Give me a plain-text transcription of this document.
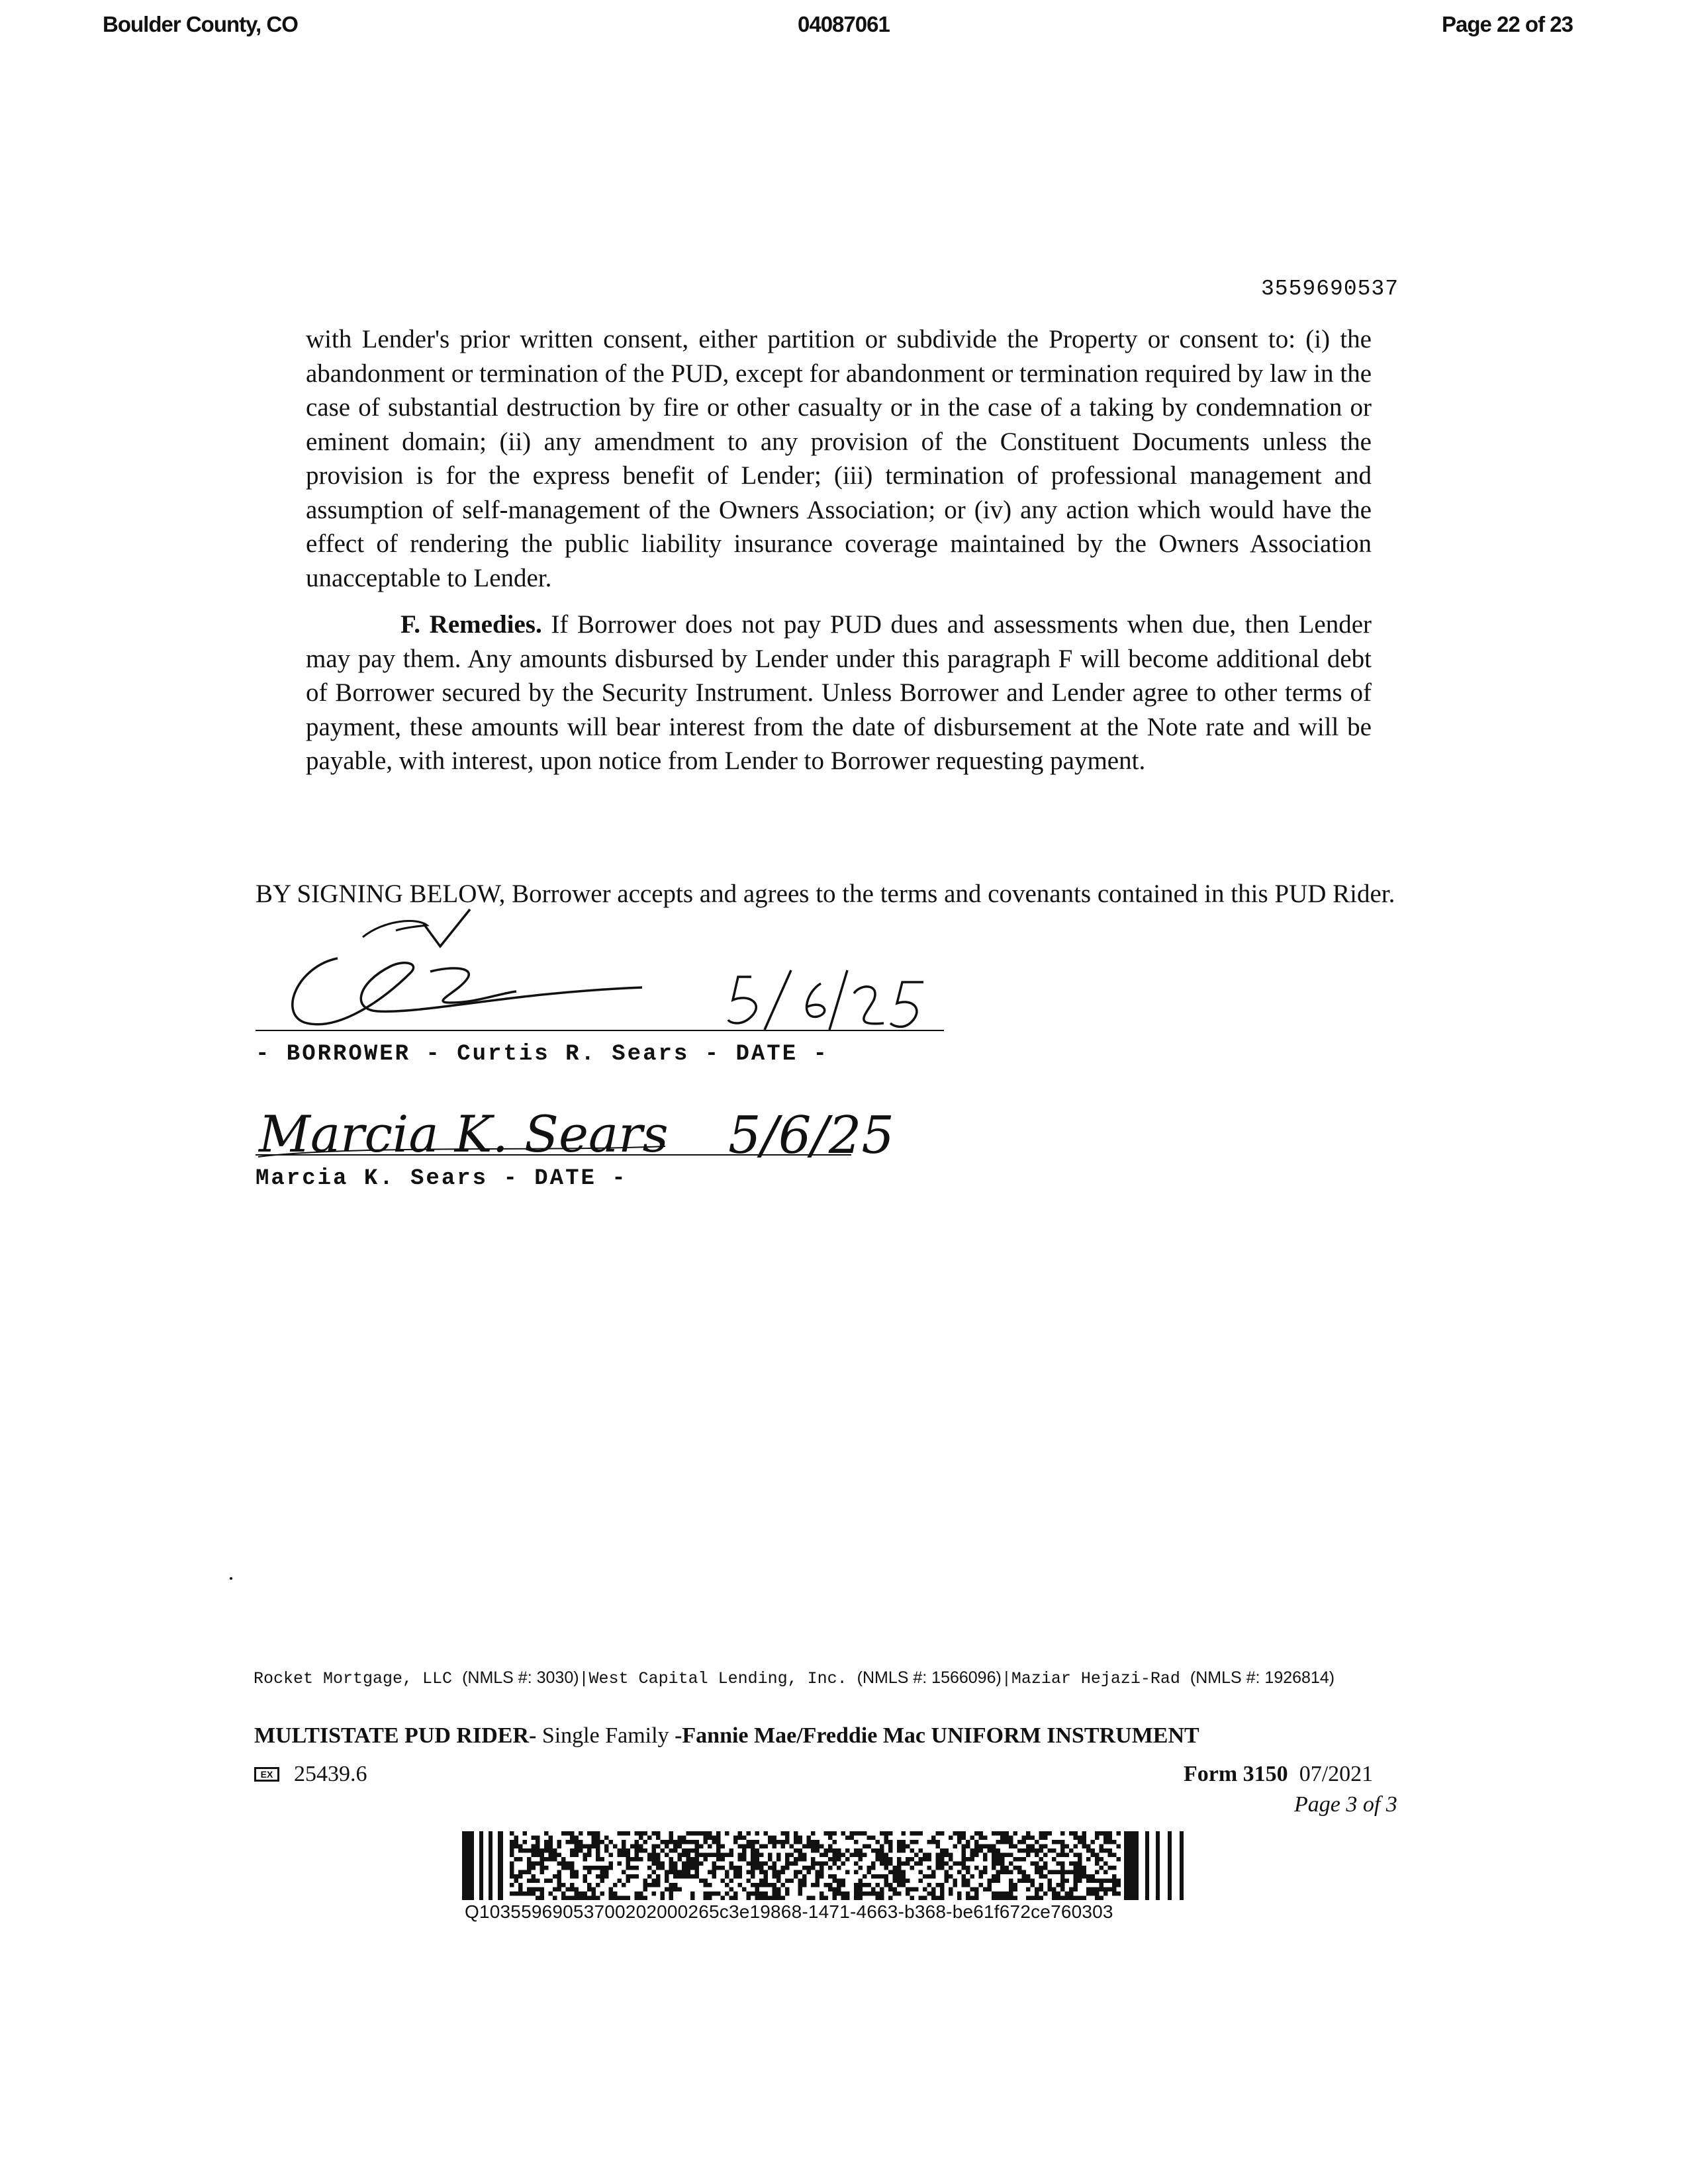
Boulder County, CO	04087061	Page 22 of 23
3559690537
with Lender's prior written consent, either partition or subdivide the Property or consent to: (i) the abandonment or termination of the PUD, except for abandonment or termination required by law in the case of substantial destruction by fire or other casualty or in the case of a taking by condemnation or eminent domain; (ii) any amendment to any provision of the Constituent Documents unless the provision is for the express benefit of Lender; (iii) termination of professional management and assumption of self-management of the Owners Association; or (iv) any action which would have the effect of rendering the public liability insurance coverage maintained by the Owners Association unacceptable to Lender.
F. Remedies. If Borrower does not pay PUD dues and assessments when due, then Lender may pay them. Any amounts disbursed by Lender under this paragraph F will become additional debt of Borrower secured by the Security Instrument. Unless Borrower and Lender agree to other terms of payment, these amounts will bear interest from the date of disbursement at the Note rate and will be payable, with interest, upon notice from Lender to Borrower requesting payment.
BY SIGNING BELOW, Borrower accepts and agrees to the terms and covenants contained in this PUD Rider.
- BORROWER - Curtis R. Sears - DATE -
Marcia K. Sears 5/6/25
Marcia K. Sears - DATE -
Rocket Mortgage, LLC (NMLS #: 3030)|West Capital Lending, Inc. (NMLS #: 1566096)|Maziar Hejazi-Rad (NMLS #: 1926814)
MULTISTATE PUD RIDER- Single Family -Fannie Mae/Freddie Mac UNIFORM INSTRUMENT
EX 25439.6	Form 3150 07/2021
Page 3 of 3
Q10355969053700202000265c3e19868-1471-4663-b368-be61f672ce760303
